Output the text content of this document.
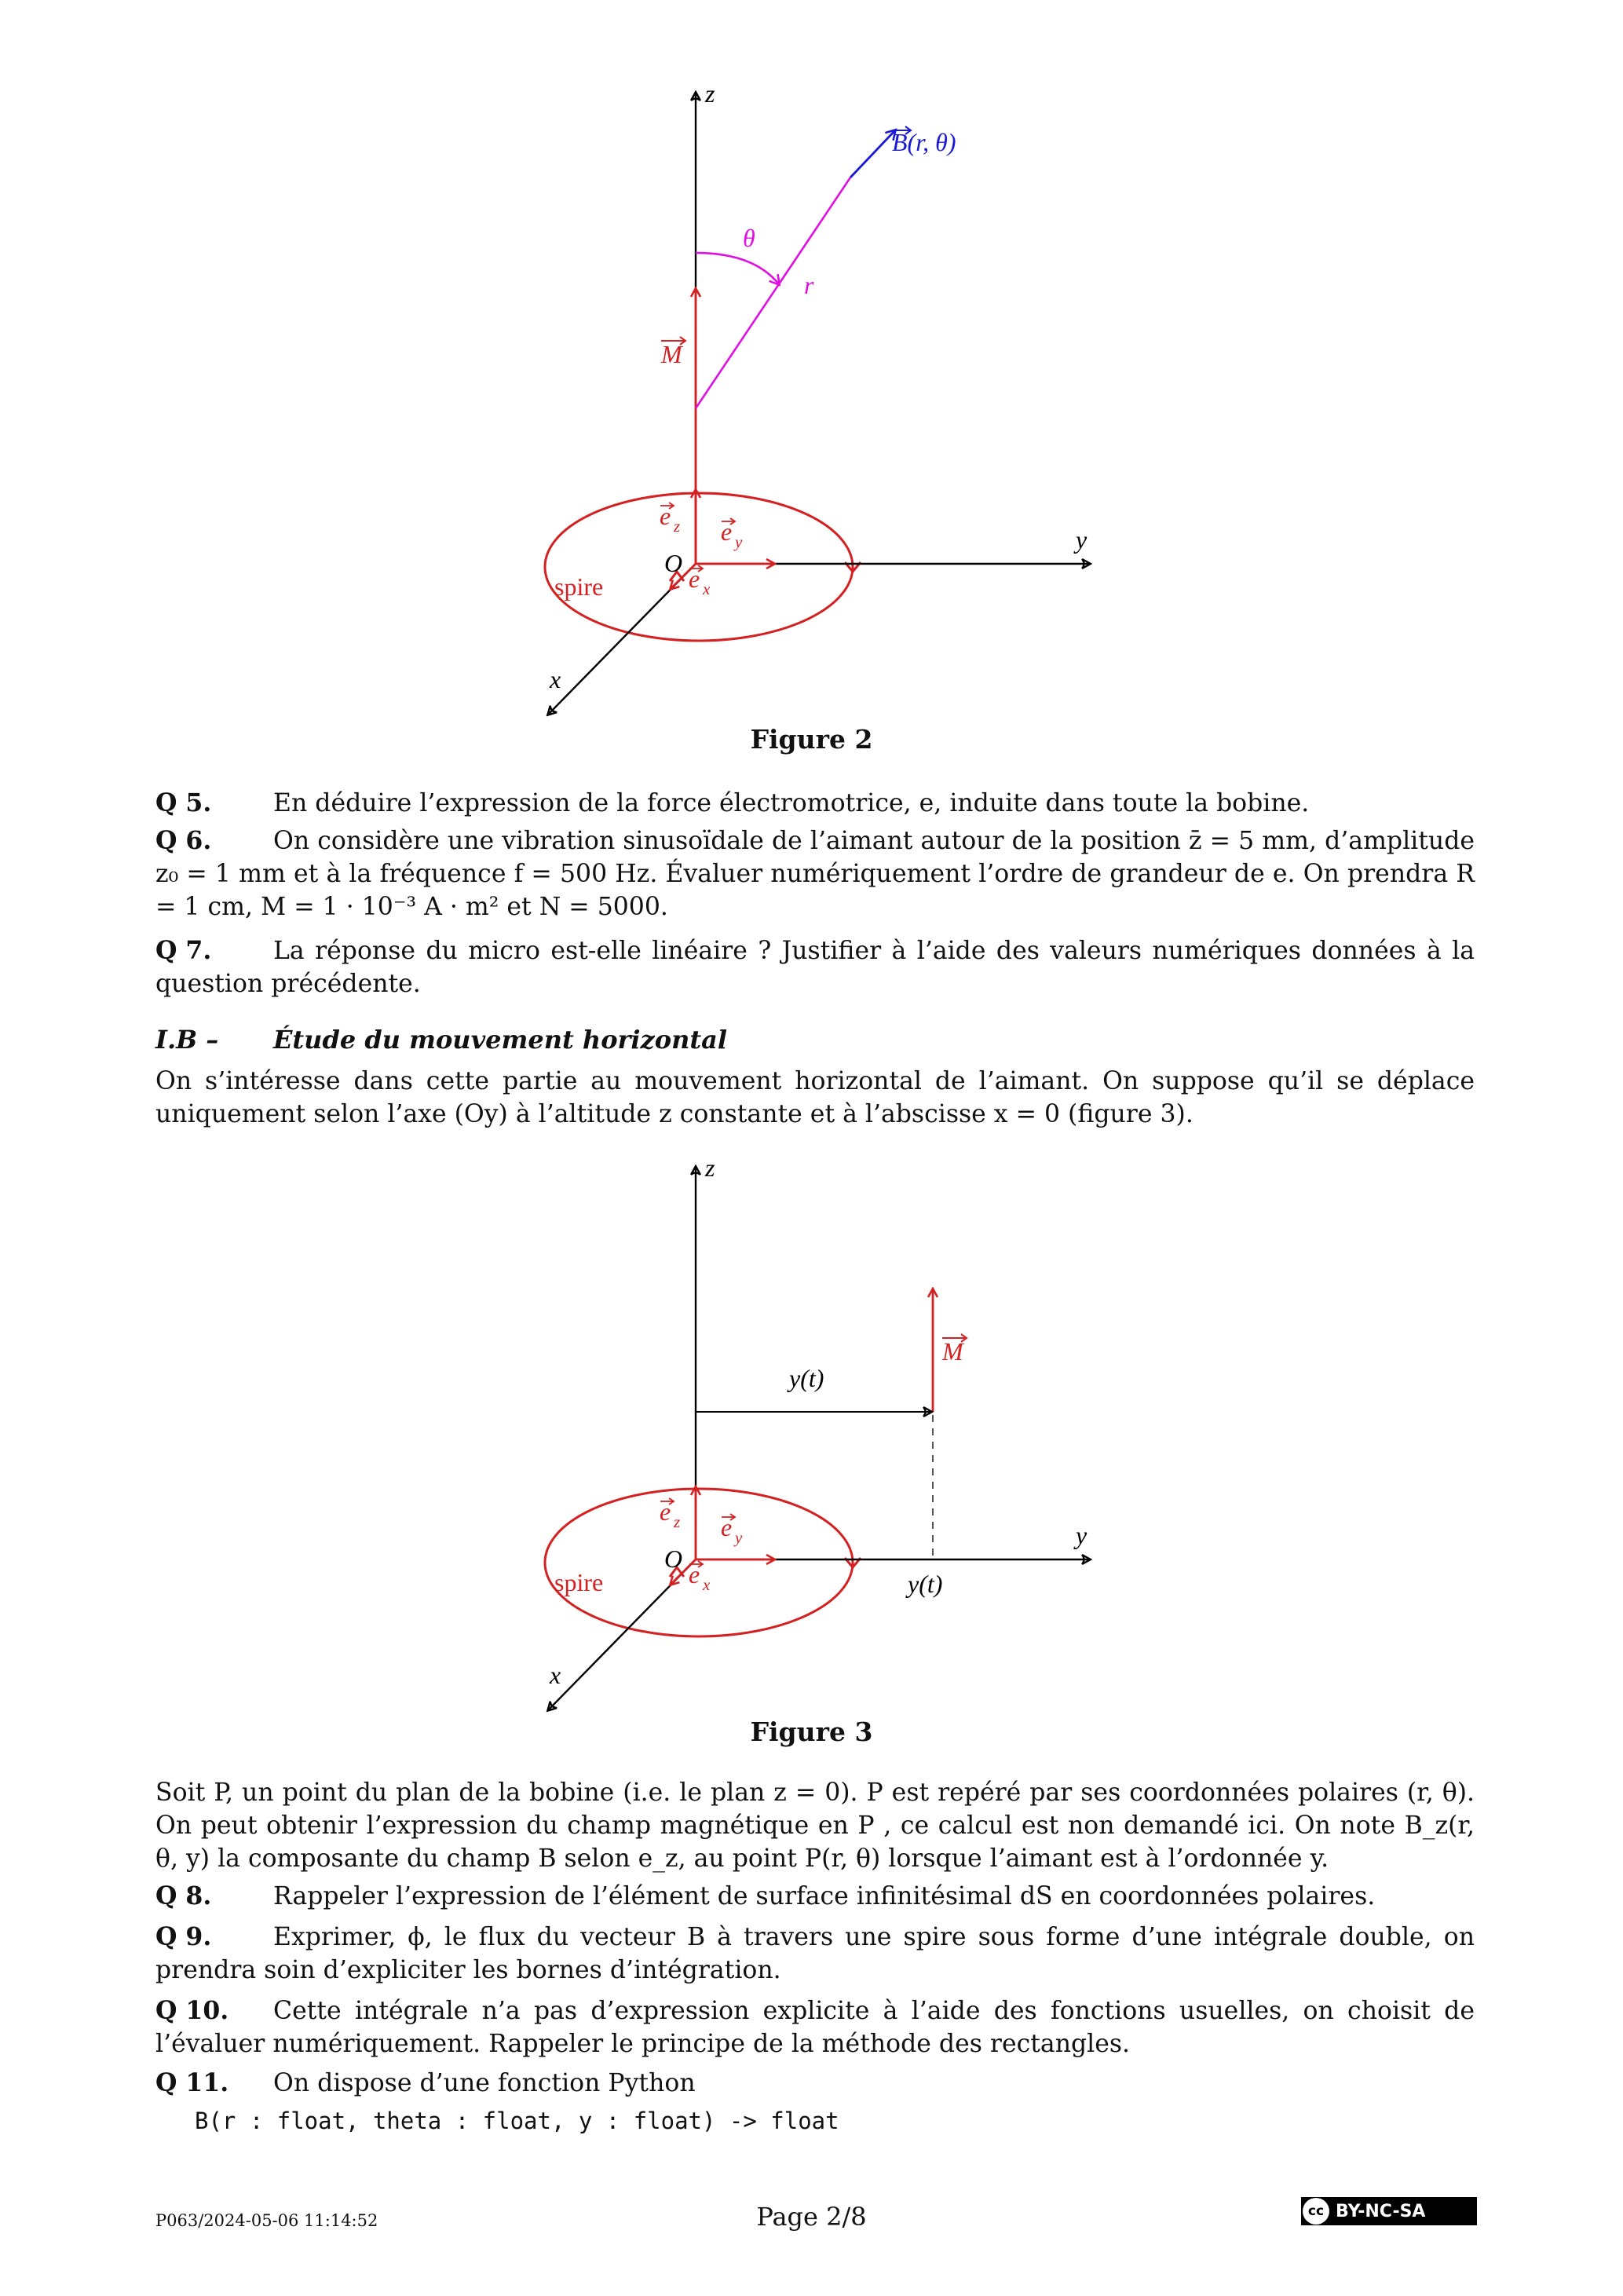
z
y
x
O
B(r, θ)
θ
r
M
e z e y
e x
spire
Figure 2
Q 5. En déduire l’expression de la force électromotrice, e, induite dans toute la bobine.
Q 6. On considère une vibration sinusoïdale de l’aimant autour de la position z̄ = 5 mm, d’amplitude z₀ = 1 mm et à la fréquence f = 500 Hz. Évaluer numériquement l’ordre de grandeur de e. On prendra R = 1 cm, M = 1 · 10⁻³ A · m² et N = 5000.
Q 7. La réponse du micro est-elle linéaire ? Justifier à l’aide des valeurs numériques données à la question précédente.
I.B – Étude du mouvement horizontal
On s’intéresse dans cette partie au mouvement horizontal de l’aimant. On suppose qu’il se déplace uniquement selon l’axe (Oy) à l’altitude z constante et à l’abscisse x = 0 (figure 3).
z
y
x
O
M
y(t)
y(t)
e z e y
e x
spire
Figure 3
Soit P, un point du plan de la bobine (i.e. le plan z = 0). P est repéré par ses coordonnées polaires (r, θ). On peut obtenir l’expression du champ magnétique en P , ce calcul est non demandé ici. On note B_z(r, θ, y) la composante du champ B selon e_z, au point P(r, θ) lorsque l’aimant est à l’ordonnée y.
Q 8. Rappeler l’expression de l’élément de surface infinitésimal dS en coordonnées polaires.
Q 9. Exprimer, ϕ, le flux du vecteur B à travers une spire sous forme d’une intégrale double, on prendra soin d’expliciter les bornes d’intégration.
Q 10. Cette intégrale n’a pas d’expression explicite à l’aide des fonctions usuelles, on choisit de l’évaluer numériquement. Rappeler le principe de la méthode des rectangles.
Q 11. On dispose d’une fonction Python
B(r : float, theta : float, y : float) -> float
P063/2024-05-06 11:14:52	Page 2/8	cc BY-NC-SA
